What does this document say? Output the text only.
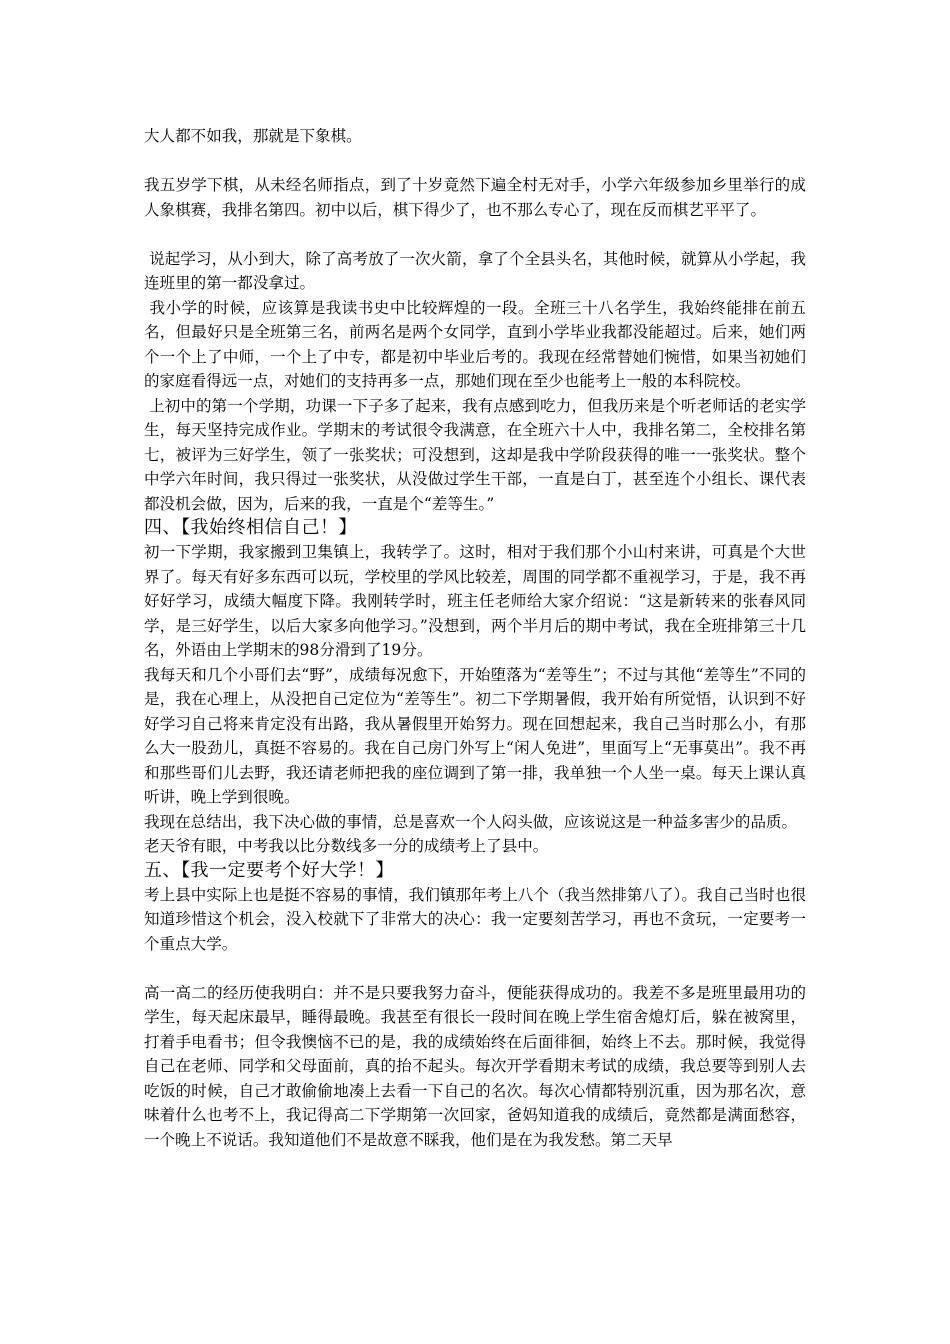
大人都不如我，那就是下象棋。

我五岁学下棋，从未经名师指点，到了十岁竟然下遍全村无对手，小学六年级参加乡里举行的成人象棋赛，我排名第四。初中以后，棋下得少了，也不那么专心了，现在反而棋艺平平了。

说起学习，从小到大，除了高考放了一次火箭，拿了个全县头名，其他时候，就算从小学起，我连班里的第一都没拿过。

我小学的时候，应该算是我读书史中比较辉煌的一段。全班三十八名学生，我始终能排在前五名，但最好只是全班第三名，前两名是两个女同学，直到小学毕业我都没能超过。后来，她们两个一个上了中师，一个上了中专，都是初中毕业后考的。我现在经常替她们惋惜，如果当初她们的家庭看得远一点，对她们的支持再多一点，那她们现在至少也能考上一般的本科院校。

上初中的第一个学期，功课一下子多了起来，我有点感到吃力，但我历来是个听老师话的老实学生，每天坚持完成作业。学期末的考试很令我满意，在全班六十人中，我排名第二，全校排名第七，被评为三好学生，领了一张奖状；可没想到，这却是我中学阶段获得的唯一一张奖状。整个中学六年时间，我只得过一张奖状，从没做过学生干部，一直是白丁，甚至连个小组长、课代表都没机会做，因为，后来的我，一直是个“差等生。”

四、【我始终相信自己！】

初一下学期，我家搬到卫集镇上，我转学了。这时，相对于我们那个小山村来讲，可真是个大世界了。每天有好多东西可以玩，学校里的学风比较差，周围的同学都不重视学习，于是，我不再好好学习，成绩大幅度下降。我刚转学时，班主任老师给大家介绍说：“这是新转来的张春风同学，是三好学生，以后大家多向他学习。”没想到，两个半月后的期中考试，我在全班排第三十几名，外语由上学期末的98分滑到了19分。

我每天和几个小哥们去“野”，成绩每况愈下，开始堕落为“差等生”；不过与其他“差等生”不同的是，我在心理上，从没把自己定位为“差等生”。初二下学期暑假，我开始有所觉悟，认识到不好好学习自己将来肯定没有出路，我从暑假里开始努力。现在回想起来，我自己当时那么小，有那么大一股劲儿，真挺不容易的。我在自己房门外写上“闲人免进”，里面写上“无事莫出”。我不再和那些哥们儿去野，我还请老师把我的座位调到了第一排，我单独一个人坐一桌。每天上课认真听讲，晚上学到很晚。

我现在总结出，我下决心做的事情，总是喜欢一个人闷头做，应该说这是一种益多害少的品质。

老天爷有眼，中考我以比分数线多一分的成绩考上了县中。

五、【我一定要考个好大学！】

考上县中实际上也是挺不容易的事情，我们镇那年考上八个（我当然排第八了）。我自己当时也很知道珍惜这个机会，没入校就下了非常大的决心：我一定要刻苦学习，再也不贪玩，一定要考一个重点大学。

高一高二的经历使我明白：并不是只要我努力奋斗，便能获得成功的。我差不多是班里最用功的学生，每天起床最早，睡得最晚。我甚至有很长一段时间在晚上学生宿舍熄灯后，躲在被窝里，打着手电看书；但令我懊恼不已的是，我的成绩始终在后面徘徊，始终上不去。那时候，我觉得自己在老师、同学和父母面前，真的抬不起头。每次开学看期末考试的成绩，我总要等到别人去吃饭的时候，自己才敢偷偷地凑上去看一下自己的名次。每次心情都特别沉重，因为那名次，意味着什么也考不上，我记得高二下学期第一次回家，爸妈知道我的成绩后，竟然都是满面愁容，一个晚上不说话。我知道他们不是故意不睬我，他们是在为我发愁。第二天早
